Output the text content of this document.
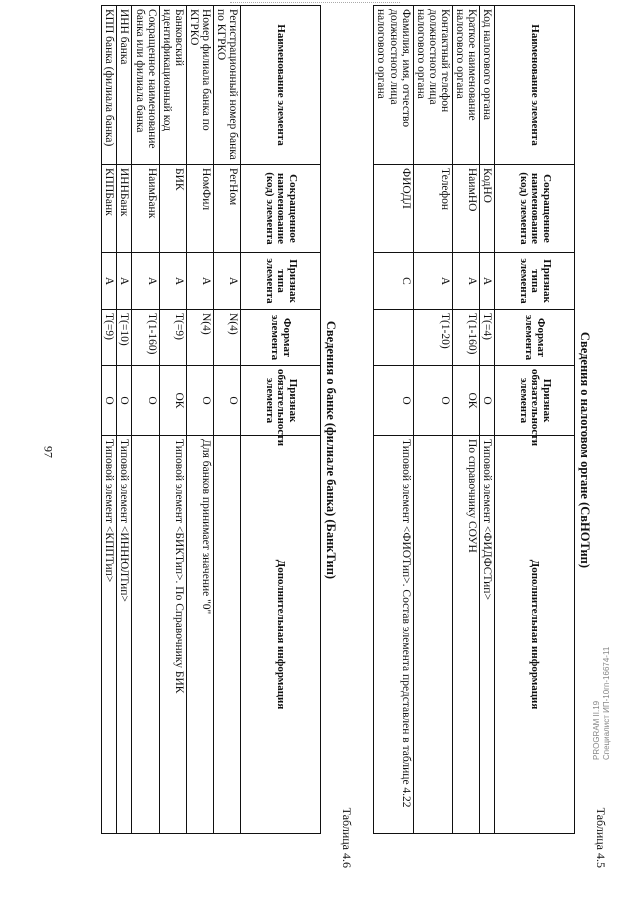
97
Таблица 4.5
Сведения о налоговом органе (СвНОТип)
Наименование элемента	Сокращенное наименование (код) элемента	Признак типа элемента	Формат элемента	Признак обязательности элемента	Дополнительная информация
Код налогового органа	КодНО	А	T(=4)	О	Типовой элемент <ФИДФСТип>
Краткое наименование налогового органа	НаимНО	А	T(1-160)	ОК	По справочнику СОУН
Контактный телефон должностного лица налогового органа	Телефон	А	T(1-20)	О	
Фамилия, имя, отчество должностного лица налогового органа	ФИОДЛ	С		О	Типовой элемент <ФИОТип>. Состав элемента представлен в таблице 4.22
Таблица 4.6
Сведения о банке (филиале банка) (БанкТип)
Наименование элемента	Сокращенное наименование (код) элемента	Признак типа элемента	Формат элемента	Признак обязательности элемента	Дополнительная информация
Регистрационный номер банка по КГРКО	РегНом	А	N(4)	О	
Номер филиала банка по КГРКО	НомФил	А	N(4)	О	Для банков принимает значение "0"
Банковский идентификационный код	БИК	А	T(=9)	ОК	Типовой элемент <БИКТип>. По Справочнику БИК
Сокращенное наименование банка или филиала банка	НаимБанк	А	T(1-160)	О	
ИНН банка	ИННБанк	А	T(=10)	О	Типовой элемент <ИННЮЛТип>
КПП банка (филиала банка)	КППБанк	А	T(=9)	О	Типовой элемент <КППТип>
PROGRAM II.19 Специалист ИП-10гп-16674-11
